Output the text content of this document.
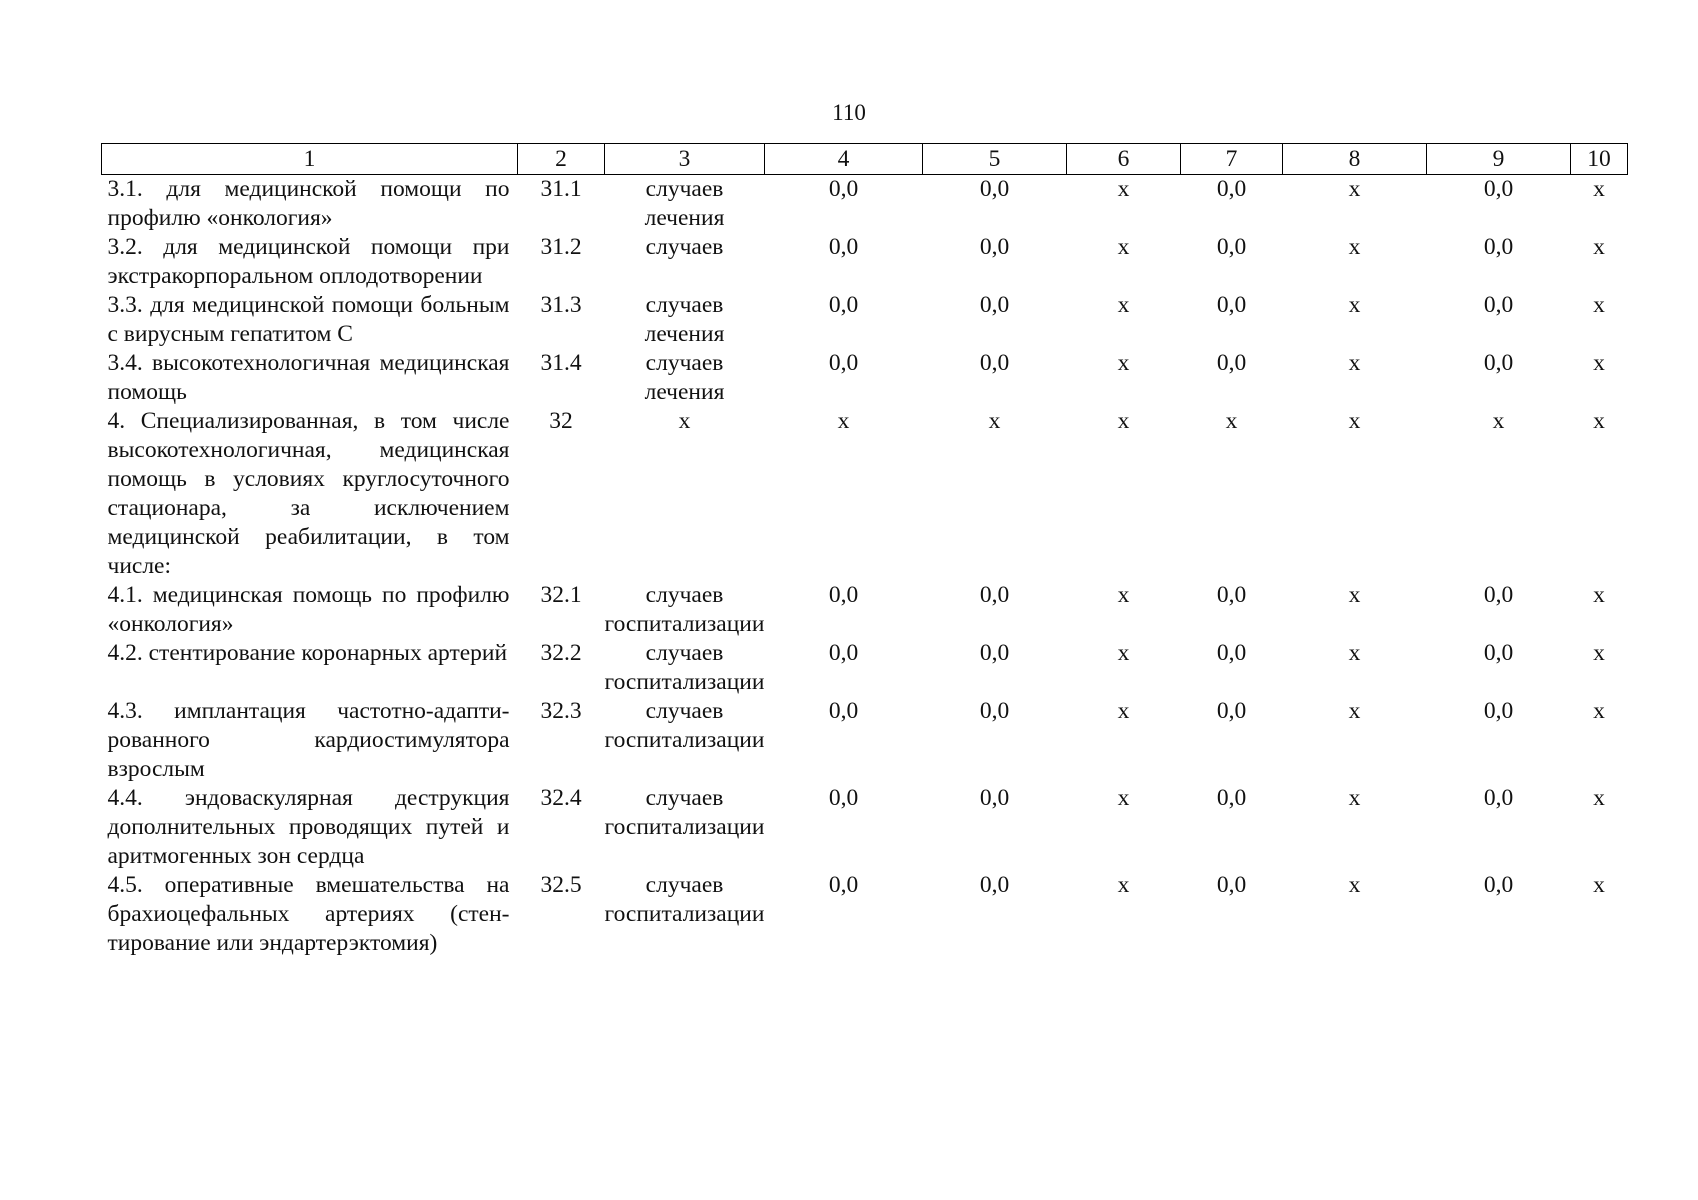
110
1	2	3	4	5	6	7	8	9	10
3.1. для медицинской помощи по профилю «онкология»	31.1	случаев лечения	0,0	0,0	х	0,0	х	0,0	х
3.2. для медицинской помощи при экстракорпоральном оплодотворении	31.2	случаев	0,0	0,0	х	0,0	х	0,0	х
3.3. для медицинской помощи больным с вирусным гепатитом С	31.3	случаев лечения	0,0	0,0	х	0,0	х	0,0	х
3.4. высокотехнологичная медицинская помощь	31.4	случаев лечения	0,0	0,0	х	0,0	х	0,0	х
4. Специализированная, в том числе высокотехнологичная, медицинская помощь в условиях круглосуточного стационара, за исключением медицинской реабилитации, в том числе:	32	х	х	х	х	х	х	х	х
4.1. медицинская помощь по профилю «онкология»	32.1	случаев госпитализации	0,0	0,0	х	0,0	х	0,0	х
4.2. стентирование коронарных артерий	32.2	случаев госпитализации	0,0	0,0	х	0,0	х	0,0	х
4.3. имплантация частотно-адаптированного кардиостимулятора взрослым	32.3	случаев госпитализации	0,0	0,0	х	0,0	х	0,0	х
4.4. эндоваскулярная деструкция дополнительных проводящих путей и аритмогенных зон сердца	32.4	случаев госпитализации	0,0	0,0	х	0,0	х	0,0	х
4.5. оперативные вмешательства на брахиоцефальных артериях (стентирование или эндартерэктомия)	32.5	случаев госпитализации	0,0	0,0	х	0,0	х	0,0	х
